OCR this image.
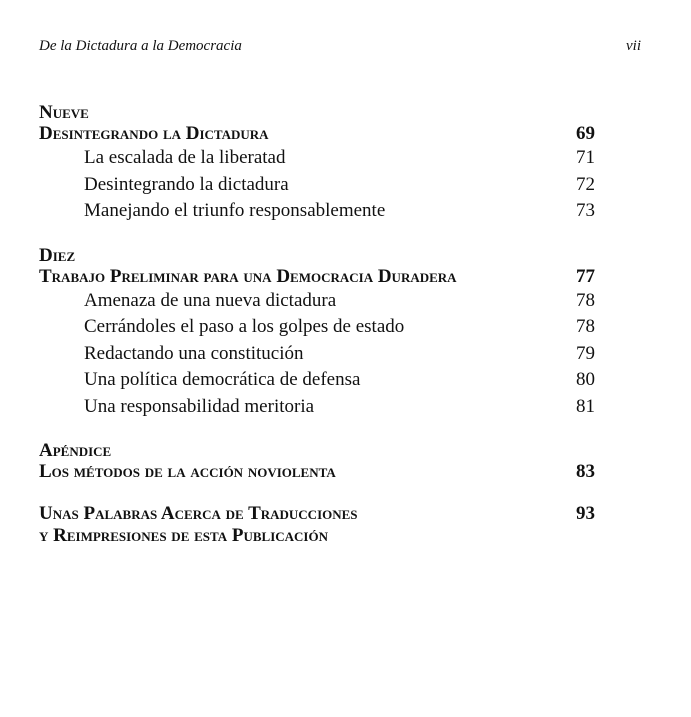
De la Dictadura a la Democracia	vii
Nueve
Desintegrando la Dictadura	69
La escalada de la liberatad	71
Desintegrando la dictadura	72
Manejando el triunfo responsablemente	73
Diez
Trabajo Preliminar para una Democracia Duradera	77
Amenaza de una nueva dictadura	78
Cerrándoles el paso a los golpes de estado	78
Redactando una constitución	79
Una política democrática de defensa	80
Una responsabilidad meritoria	81
Apéndice
Los métodos de la acción noviolenta	83
Unas Palabras Acerca de Traducciones	93
y Reimpresiones de esta Publicación
